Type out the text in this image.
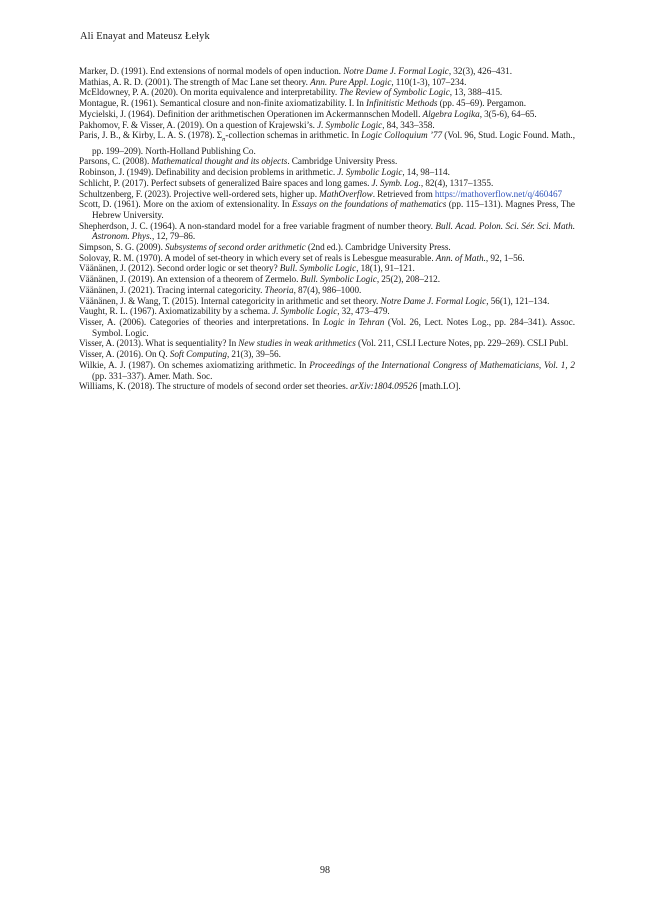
Ali Enayat and Mateusz Łełyk
Marker, D. (1991). End extensions of normal models of open induction. Notre Dame J. Formal Logic, 32(3), 426–431.
Mathias, A. R. D. (2001). The strength of Mac Lane set theory. Ann. Pure Appl. Logic, 110(1-3), 107–234.
McEldowney, P. A. (2020). On morita equivalence and interpretability. The Review of Symbolic Logic, 13, 388–415.
Montague, R. (1961). Semantical closure and non-finite axiomatizability. I. In Infinitistic Methods (pp. 45–69). Pergamon.
Mycielski, J. (1964). Definition der arithmetischen Operationen im Ackermannschen Modell. Algebra Logika, 3(5-6), 64–65.
Pakhomov, F. & Visser, A. (2019). On a question of Krajewski’s. J. Symbolic Logic, 84, 343–358.
Paris, J. B., & Kirby, L. A. S. (1978). $\Sigma_n$-collection schemas in arithmetic. In Logic Colloquium ’77 (Vol. 96, Stud. Logic Found. Math., pp. 199–209). North-Holland Publishing Co.
Parsons, C. (2008). Mathematical thought and its objects. Cambridge University Press.
Robinson, J. (1949). Definability and decision problems in arithmetic. J. Symbolic Logic, 14, 98–114.
Schlicht, P. (2017). Perfect subsets of generalized Baire spaces and long games. J. Symb. Log., 82(4), 1317–1355.
Schultzenberg, F. (2023). Projective well-ordered sets, higher up. MathOverflow. Retrieved from https://mathoverflow.net/q/460467
Scott, D. (1961). More on the axiom of extensionality. In Essays on the foundations of mathematics (pp. 115–131). Magnes Press, The Hebrew University.
Shepherdson, J. C. (1964). A non-standard model for a free variable fragment of number theory. Bull. Acad. Polon. Sci. Sér. Sci. Math. Astronom. Phys., 12, 79–86.
Simpson, S. G. (2009). Subsystems of second order arithmetic (2nd ed.). Cambridge University Press.
Solovay, R. M. (1970). A model of set-theory in which every set of reals is Lebesgue measurable. Ann. of Math., 92, 1–56.
Väänänen, J. (2012). Second order logic or set theory? Bull. Symbolic Logic, 18(1), 91–121.
Väänänen, J. (2019). An extension of a theorem of Zermelo. Bull. Symbolic Logic, 25(2), 208–212.
Väänänen, J. (2021). Tracing internal categoricity. Theoria, 87(4), 986–1000.
Väänänen, J. & Wang, T. (2015). Internal categoricity in arithmetic and set theory. Notre Dame J. Formal Logic, 56(1), 121–134.
Vaught, R. L. (1967). Axiomatizability by a schema. J. Symbolic Logic, 32, 473–479.
Visser, A. (2006). Categories of theories and interpretations. In Logic in Tehran (Vol. 26, Lect. Notes Log., pp. 284–341). Assoc. Symbol. Logic.
Visser, A. (2013). What is sequentiality? In New studies in weak arithmetics (Vol. 211, CSLI Lecture Notes, pp. 229–269). CSLI Publ.
Visser, A. (2016). On Q. Soft Computing, 21(3), 39–56.
Wilkie, A. J. (1987). On schemes axiomatizing arithmetic. In Proceedings of the International Congress of Mathematicians, Vol. 1, 2 (pp. 331–337). Amer. Math. Soc.
Williams, K. (2018). The structure of models of second order set theories. arXiv:1804.09526 [math.LO].
98
